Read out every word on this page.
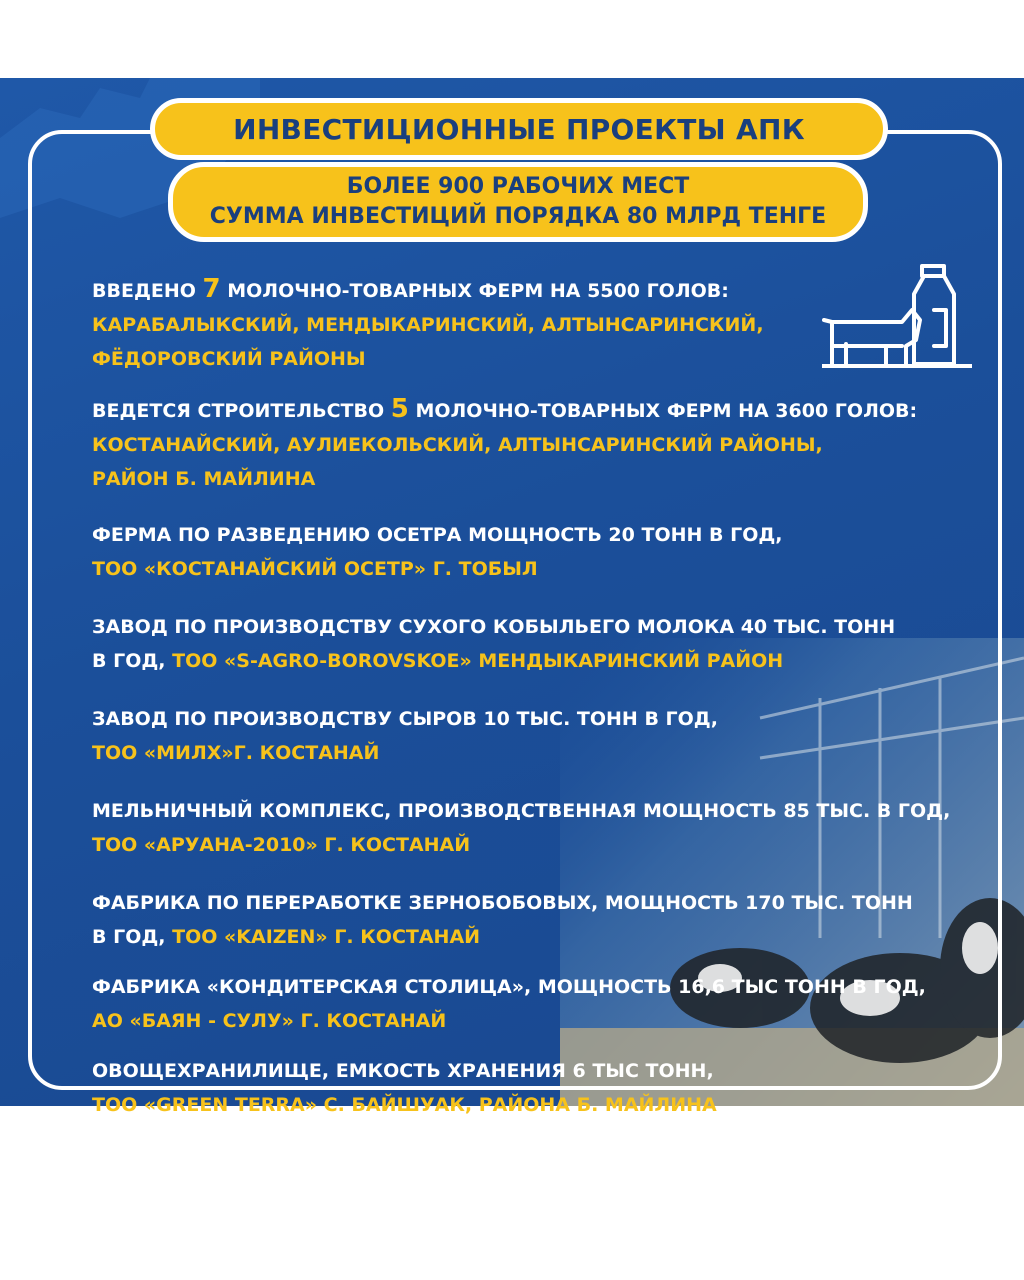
ИНВЕСТИЦИОННЫЕ ПРОЕКТЫ АПК
БОЛЕЕ 900 РАБОЧИХ МЕСТ
СУММА ИНВЕСТИЦИЙ ПОРЯДКА 80 МЛРД ТЕНГЕ

ВВЕДЕНО 7 МОЛОЧНО-ТОВАРНЫХ ФЕРМ НА 5500 ГОЛОВ:
КАРАБАЛЫКСКИЙ, МЕНДЫКАРИНСКИЙ, АЛТЫНСАРИНСКИЙ,
ФЁДОРОВСКИЙ РАЙОНЫ

ВЕДЕТСЯ СТРОИТЕЛЬСТВО 5 МОЛОЧНО-ТОВАРНЫХ ФЕРМ НА 3600 ГОЛОВ:
КОСТАНАЙСКИЙ, АУЛИЕКОЛЬСКИЙ, АЛТЫНСАРИНСКИЙ РАЙОНЫ,
РАЙОН Б. МАЙЛИНА

ФЕРМА ПО РАЗВЕДЕНИЮ ОСЕТРА МОЩНОСТЬ 20 ТОНН В ГОД,
ТОО «КОСТАНАЙСКИЙ ОСЕТР» Г. ТОБЫЛ

ЗАВОД ПО ПРОИЗВОДСТВУ СУХОГО КОБЫЛЬЕГО МОЛОКА 40 ТЫС. ТОНН
В ГОД, ТОО «S-AGRO-BOROVSKOE» МЕНДЫКАРИНСКИЙ РАЙОН

ЗАВОД ПО ПРОИЗВОДСТВУ СЫРОВ 10 ТЫС. ТОНН В ГОД,
ТОО «МИЛХ»Г. КОСТАНАЙ

МЕЛЬНИЧНЫЙ КОМПЛЕКС, ПРОИЗВОДСТВЕННАЯ МОЩНОСТЬ 85 ТЫС. В ГОД,
ТОО «АРУАНА-2010» Г. КОСТАНАЙ

ФАБРИКА ПО ПЕРЕРАБОТКЕ ЗЕРНОБОБОВЫХ, МОЩНОСТЬ 170 ТЫС. ТОНН
В ГОД, ТОО «KAIZEN» Г. КОСТАНАЙ

ФАБРИКА «КОНДИТЕРСКАЯ СТОЛИЦА», МОЩНОСТЬ 16,6 ТЫС ТОНН В ГОД,
АО «БАЯН - СУЛУ» Г. КОСТАНАЙ

ОВОЩЕХРАНИЛИЩЕ, ЕМКОСТЬ ХРАНЕНИЯ 6 ТЫС ТОНН,
ТОО «GREEN TERRA» С. БАЙШУАК, РАЙОНА Б. МАЙЛИНА
